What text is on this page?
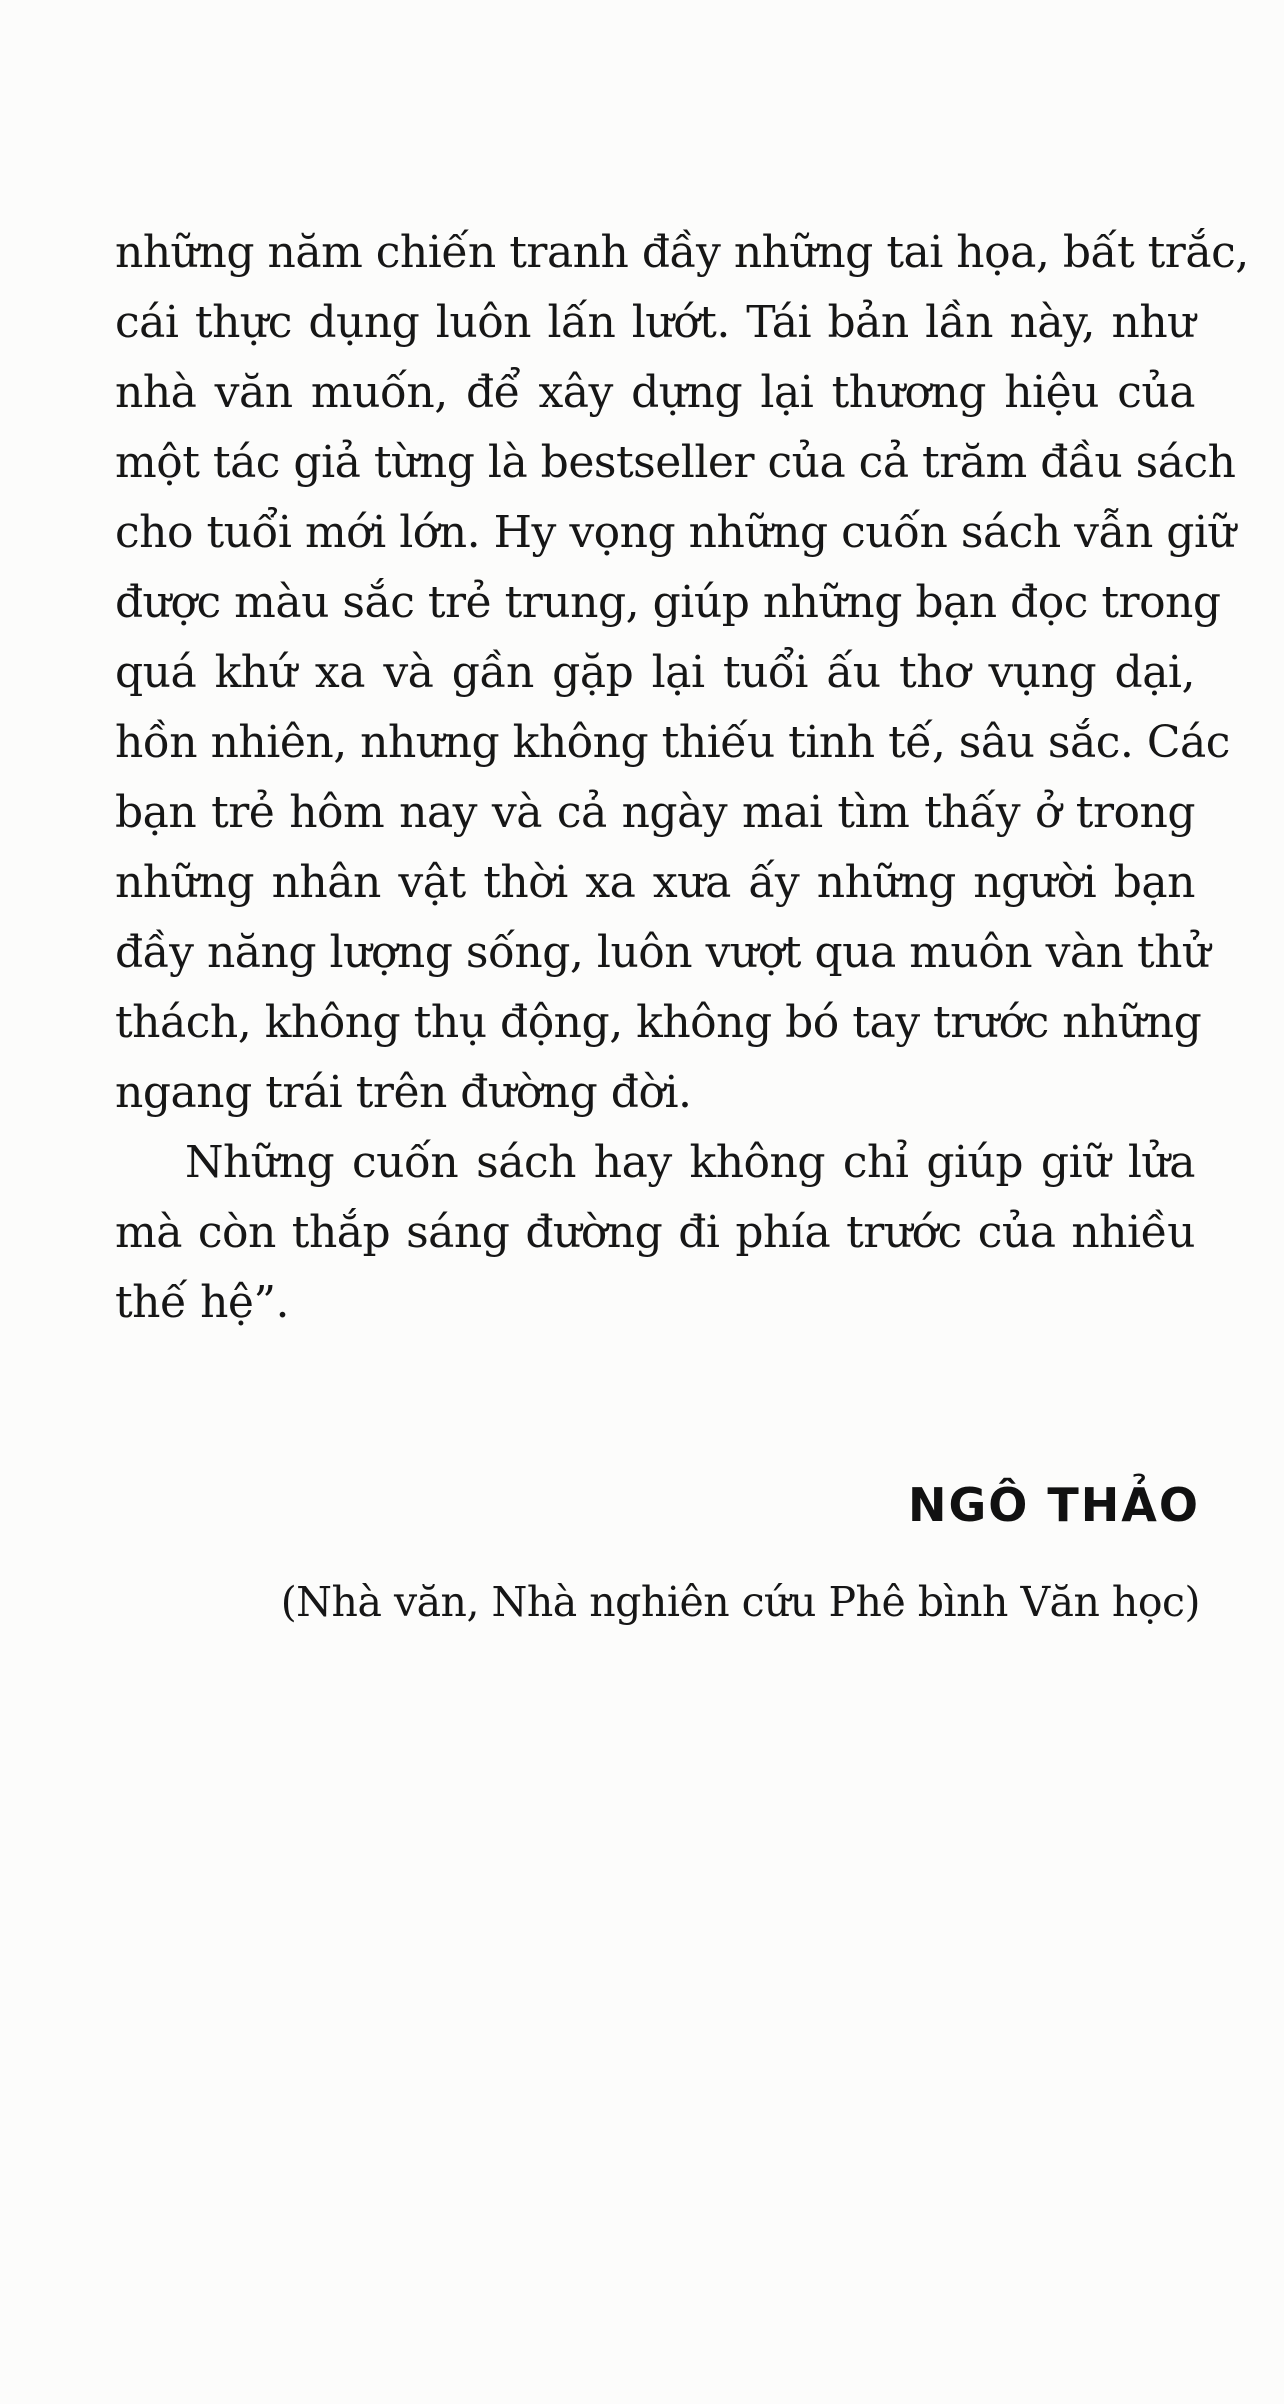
những năm chiến tranh đầy những tai họa, bất trắc,
cái thực dụng luôn lấn lướt. Tái bản lần này, như
nhà văn muốn, để xây dựng lại thương hiệu của
một tác giả từng là bestseller của cả trăm đầu sách
cho tuổi mới lớn. Hy vọng những cuốn sách vẫn giữ
được màu sắc trẻ trung, giúp những bạn đọc trong
quá khứ xa và gần gặp lại tuổi ấu thơ vụng dại,
hồn nhiên, nhưng không thiếu tinh tế, sâu sắc. Các
bạn trẻ hôm nay và cả ngày mai tìm thấy ở trong
những nhân vật thời xa xưa ấy những người bạn
đầy năng lượng sống, luôn vượt qua muôn vàn thử
thách, không thụ động, không bó tay trước những
ngang trái trên đường đời.
Những cuốn sách hay không chỉ giúp giữ lửa
mà còn thắp sáng đường đi phía trước của nhiều
thế hệ”.
NGÔ THẢO
(Nhà văn, Nhà nghiên cứu Phê bình Văn học)
